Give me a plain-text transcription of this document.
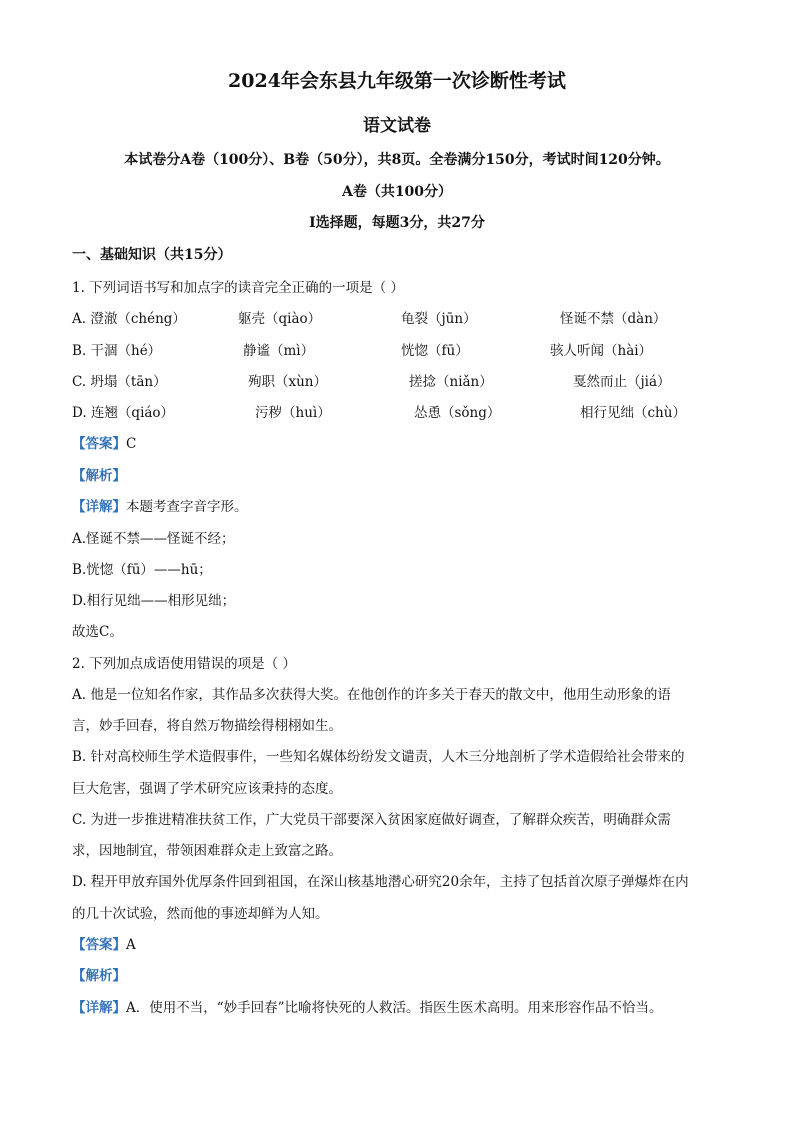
2024年会东县九年级第一次诊断性考试
语文试卷
本试卷分A卷（100分）、B卷（50分），共8页。全卷满分150分，考试时间120分钟。
A卷（共100分）
I选择题，每题3分，共27分
一、基础知识（共15分）
1. 下列词语书写和加点字的读音完全正确的一项是（ ）
A. 澄澈（chéng）	躯壳（qiào）	龟裂（jūn）	怪诞不禁（dàn）
B. 干涸（hé）	静谧（mì）	恍惚（fū）	骇人听闻（hài）
C. 坍塌（tān）	殉职（xùn）	搓捻（niǎn）	戛然而止（jiá）
D. 连翘（qiáo）	污秽（huì）	怂恿（sǒng）	相行见绌（chù）
【答案】C
【解析】
【详解】本题考查字音字形。
A.怪诞不禁——怪诞不经；
B.恍惚（fū）——hū；
D.相行见绌——相形见绌；
故选C。
2. 下列加点成语使用错误的项是（ ）
A. 他是一位知名作家，其作品多次获得大奖。在他创作的许多关于春天的散文中，他用生动形象的语
言，妙手回春，将自然万物描绘得栩栩如生。
B. 针对高校师生学术造假事件，一些知名媒体纷纷发文谴责，人木三分地剖析了学术造假给社会带来的
巨大危害，强调了学术研究应该秉持的态度。
C. 为进一步推进精准扶贫工作，广大党员干部要深入贫困家庭做好调查，了解群众疾苦，明确群众需
求，因地制宜，带领困难群众走上致富之路。
D. 程开甲放弃国外优厚条件回到祖国，在深山核基地潜心研究20余年，主持了包括首次原子弹爆炸在内
的几十次试验，然而他的事迹却鲜为人知。
【答案】A
【解析】
【详解】A．使用不当，“妙手回春”比喻将快死的人救活。指医生医术高明。用来形容作品不恰当。
